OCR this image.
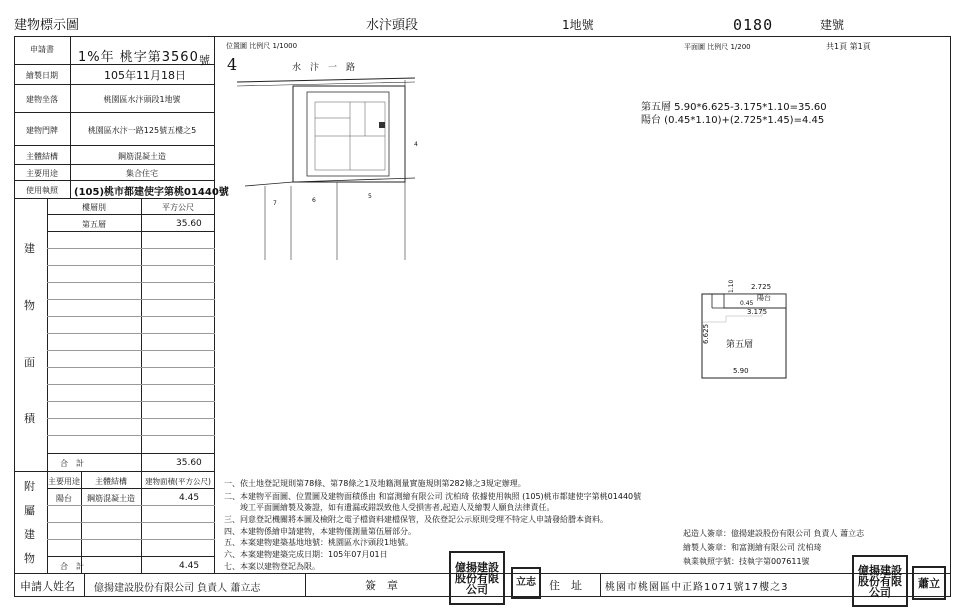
建物標示圖	水汴頭段	1地號	0180	建號
申請書
1%年 桃字第3560 號
繪製日期	105年11月18日
建物坐落	桃園區水汴頭段1地號
建物門牌	桃園區水汴一路125號五樓之5
主體結構	鋼筋混凝土造
主要用途	集合住宅
使用執照	(105)桃市都建使字第桃01440號
建
物
面
積
樓層別	平方公尺
第五層	35.60
合　計	35.60
附
屬
建
物
主要用途	主體結構	建物面積(平方公尺)
陽台	鋼筋混凝土造	4.45
合　計	4.45
位置圖 比例尺 1/1000
4	水　汴　一　路
7	6
5
4
平面圖 比例尺 1/200	共1頁 第1頁
第五層 5.90*6.625-3.175*1.10=35.60
陽台 (0.45*1.10)+(2.725*1.45)=4.45
2.725
1.10
陽台
0.45
3.175
6.625
第五層
5.90
一、依土地登記規則第78條、第78條之1及地籍測量實施規則第282條之3規定辦理。
二、本建物平面圖、位置圖及建物面積係由 和富測繪有限公司 沈柏琦 依據使用執照 (105)桃市都建使字第桃01440號
　　竣工平面圖繪製及簽證，如有遺漏或錯誤致他人受損害者,起造人及繪製人願負法律責任。
三、冋意登記機關將本圖及檢附之電子檔資料建檔保管，及依登記公示原則受理不特定人申請發給謄本資料。
四、本建物係繪申請建物，本建物僅測量第伍層部分。
五、本案建物建築基地地號：桃園區水汴頭段1地號。
六、本案建物建築完成日期：105年07月01日
七、本案以建物登記為限。
起造人簽章：億揚建設股份有限公司 負責人 蕭立志
繪製人簽章：和富測繪有限公司 沈柏琦
執業執照字號：技執字第007611號
申請人姓名 億揚建設股份有限公司 負責人 蕭立志	簽　章	住　址 桃園市桃園區中正路1071號17樓之3
億揚建設股份有限公司	立志
億揚建設股份有限公司
蕭立
